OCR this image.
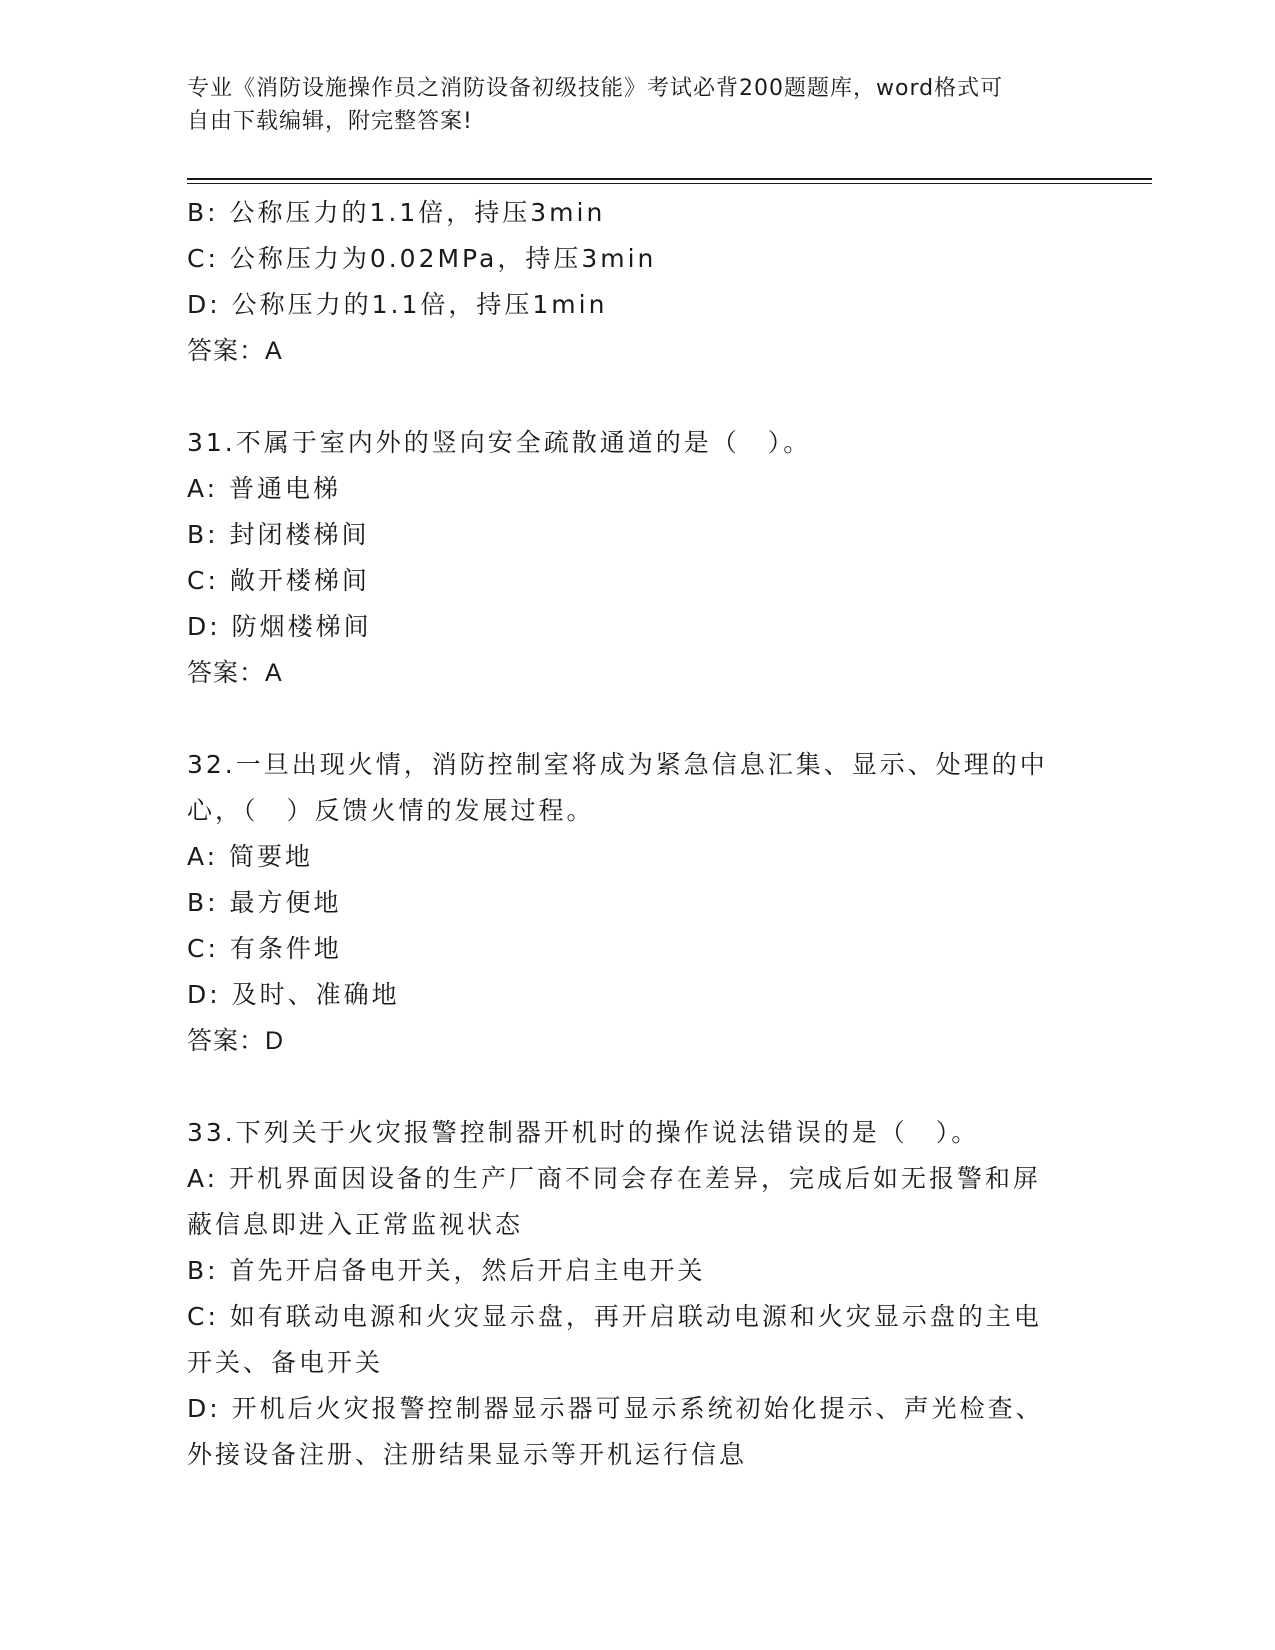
专业《消防设施操作员之消防设备初级技能》考试必背200题题库，word格式可
自由下载编辑，附完整答案!
B: 公称压力的1.1倍，持压3min
C: 公称压力为0.02MPa，持压3min
D: 公称压力的1.1倍，持压1min
答案：A
31.不属于室内外的竖向安全疏散通道的是（　）。
A: 普通电梯
B: 封闭楼梯间
C: 敞开楼梯间
D: 防烟楼梯间
答案：A
32.一旦出现火情，消防控制室将成为紧急信息汇集、显示、处理的中
心，（　）反馈火情的发展过程。
A: 简要地
B: 最方便地
C: 有条件地
D: 及时、准确地
答案：D
33.下列关于火灾报警控制器开机时的操作说法错误的是（　）。
A: 开机界面因设备的生产厂商不同会存在差异，完成后如无报警和屏
蔽信息即进入正常监视状态
B: 首先开启备电开关，然后开启主电开关
C: 如有联动电源和火灾显示盘，再开启联动电源和火灾显示盘的主电
开关、备电开关
D: 开机后火灾报警控制器显示器可显示系统初始化提示、声光检查、
外接设备注册、注册结果显示等开机运行信息
